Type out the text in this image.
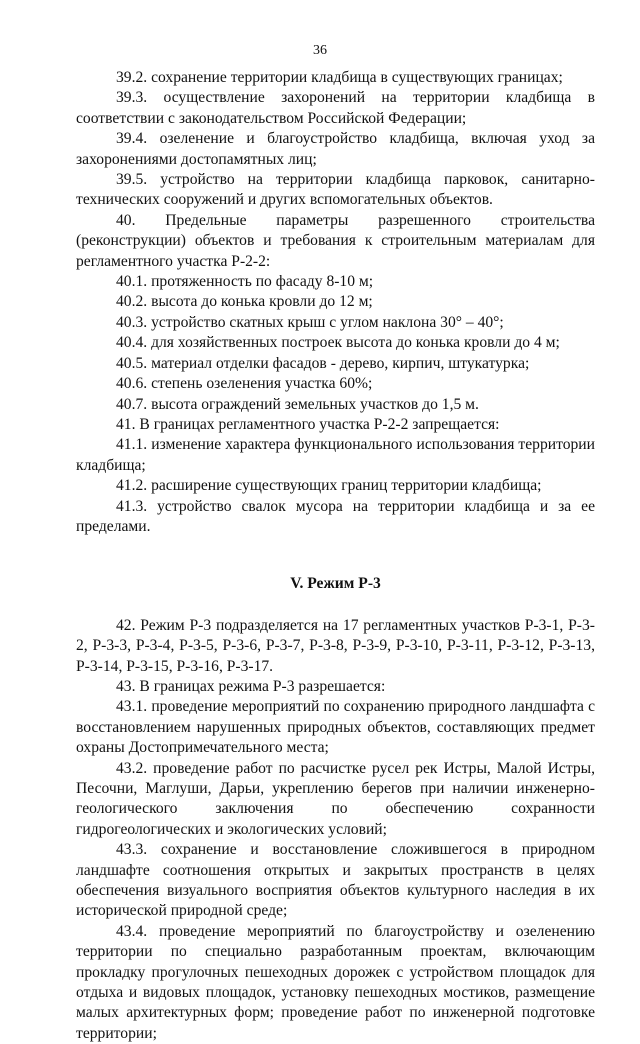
36

39.2. сохранение территории кладбища в существующих границах;

39.3. осуществление захоронений на территории кладбища в соответствии с законодательством Российской Федерации;

39.4. озеленение и благоустройство кладбища, включая уход за захоронениями достопамятных лиц;

39.5. устройство на территории кладбища парковок, санитарно-технических сооружений и других вспомогательных объектов.

40. Предельные параметры разрешенного строительства (реконструкции) объектов и требования к строительным материалам для регламентного участка Р-2-2:

40.1. протяженность по фасаду 8-10 м;

40.2. высота до конька кровли до 12 м;

40.3. устройство скатных крыш с углом наклона 30° – 40°;

40.4. для хозяйственных построек высота до конька кровли до 4 м;

40.5. материал отделки фасадов - дерево, кирпич, штукатурка;

40.6. степень озеленения участка 60%;

40.7. высота ограждений земельных участков до 1,5 м.

41. В границах регламентного участка Р-2-2 запрещается:

41.1. изменение характера функционального использования территории кладбища;

41.2. расширение существующих границ территории кладбища;

41.3. устройство свалок мусора на территории кладбища и за ее пределами.

V. Режим Р-3

42. Режим Р-3 подразделяется на 17 регламентных участков Р-3-1, Р-3-2, Р-3-3, Р-3-4, Р-3-5, Р-3-6, Р-3-7, Р-3-8, Р-3-9, Р-3-10, Р-3-11, Р-3-12, Р-3-13, Р-3-14, Р-3-15, Р-3-16, Р-3-17.

43. В границах режима Р-3 разрешается:

43.1. проведение мероприятий по сохранению природного ландшафта с восстановлением нарушенных природных объектов, составляющих предмет охраны Достопримечательного места;

43.2. проведение работ по расчистке русел рек Истры, Малой Истры, Песочни, Маглуши, Дарьи, укреплению берегов при наличии инженерно-геологического заключения по обеспечению сохранности гидрогеологических и экологических условий;

43.3. сохранение и восстановление сложившегося в природном ландшафте соотношения открытых и закрытых пространств в целях обеспечения визуального восприятия объектов культурного наследия в их исторической природной среде;

43.4. проведение мероприятий по благоустройству и озеленению территории по специально разработанным проектам, включающим прокладку прогулочных пешеходных дорожек с устройством площадок для отдыха и видовых площадок, установку пешеходных мостиков, размещение малых архитектурных форм; проведение работ по инженерной подготовке территории;
